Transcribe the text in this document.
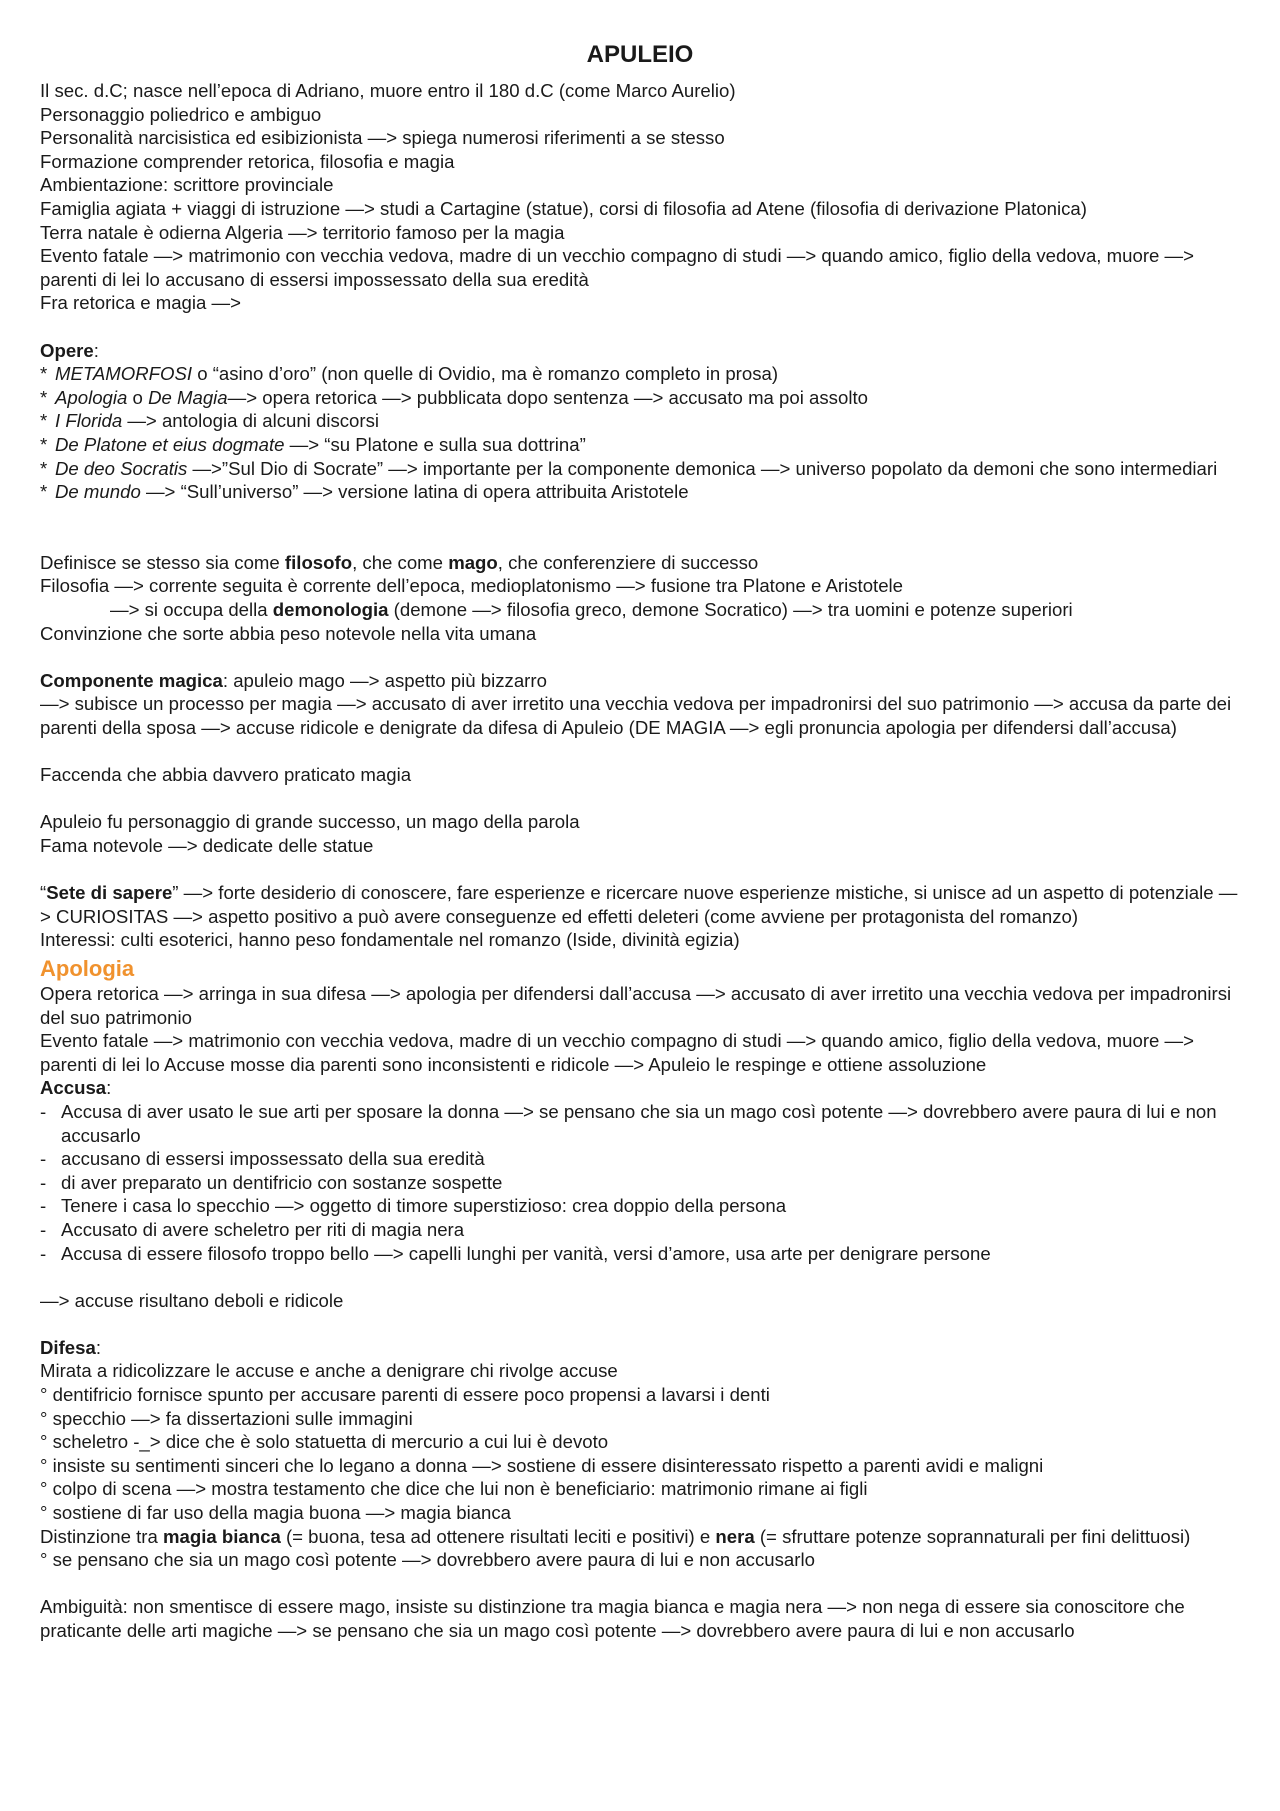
APULEIO
Il sec. d.C; nasce nell’epoca di Adriano, muore entro il 180 d.C (come Marco Aurelio)
Personaggio poliedrico e ambiguo
Personalità narcisistica ed esibizionista —> spiega numerosi riferimenti a se stesso
Formazione comprender retorica, filosofia e magia
Ambientazione: scrittore provinciale
Famiglia agiata + viaggi di istruzione —> studi a Cartagine (statue), corsi di filosofia ad Atene (filosofia di derivazione Platonica)
Terra natale è odierna Algeria —> territorio famoso per la magia
Evento fatale —> matrimonio con vecchia vedova, madre di un vecchio compagno di studi —> quando amico, figlio della vedova, muore —> parenti di lei lo accusano di essersi impossessato della sua eredità
Fra retorica e magia —>
Opere:
* METAMORFOSI o “asino d’oro” (non quelle di Ovidio, ma è romanzo completo in prosa)
* Apologia o De Magia—> opera retorica —> pubblicata dopo sentenza —> accusato ma poi assolto
* I Florida —> antologia di alcuni discorsi
* De Platone et eius dogmate —> “su Platone e sulla sua dottrina”
* De deo Socratis —>”Sul Dio di Socrate” —> importante per la componente demonica —> universo popolato da demoni che sono intermediari
* De mundo —> “Sull’universo” —> versione latina di opera attribuita Aristotele
Definisce se stesso sia come filosofo, che come mago, che conferenziere di successo
Filosofia —> corrente seguita è corrente dell’epoca, medioplatonismo —> fusione tra Platone e Aristotele
—> si occupa della demonologia (demone —> filosofia greco, demone Socratico) —> tra uomini e potenze superiori
Convinzione che sorte abbia peso notevole nella vita umana
Componente magica: apuleio mago —> aspetto più bizzarro
—> subisce un processo per magia —> accusato di aver irretito una vecchia vedova per impadronirsi del suo patrimonio —> accusa da parte dei parenti della sposa —> accuse ridicole e denigrate da difesa di Apuleio (DE MAGIA —> egli pronuncia apologia per difendersi dall’accusa)
Faccenda che abbia davvero praticato magia
Apuleio fu personaggio di grande successo, un mago della parola
Fama notevole —> dedicate delle statue
“Sete di sapere” —> forte desiderio di conoscere, fare esperienze e ricercare nuove esperienze mistiche, si unisce ad un aspetto di potenziale —> CURIOSITAS —> aspetto positivo a può avere conseguenze ed effetti deleteri (come avviene per protagonista del romanzo)
Interessi: culti esoterici, hanno peso fondamentale nel romanzo (Iside, divinità egizia)
Apologia
Opera retorica —> arringa in sua difesa —> apologia per difendersi dall’accusa —> accusato di aver irretito una vecchia vedova per impadronirsi del suo patrimonio
Evento fatale —> matrimonio con vecchia vedova, madre di un vecchio compagno di studi —> quando amico, figlio della vedova, muore —> parenti di lei lo Accuse mosse dia parenti sono inconsistenti e ridicole —> Apuleio le respinge e ottiene assoluzione
Accusa:
- Accusa di aver usato le sue arti per sposare la donna —> se pensano che sia un mago così potente —> dovrebbero avere paura di lui e non accusarlo
- accusano di essersi impossessato della sua eredità
- di aver preparato un dentifricio con sostanze sospette
- Tenere i casa lo specchio —> oggetto di timore superstizioso: crea doppio della persona
- Accusato di avere scheletro per riti di magia nera
- Accusa di essere filosofo troppo bello —> capelli lunghi per vanità, versi d’amore, usa arte per denigrare persone
—> accuse risultano deboli e ridicole
Difesa:
Mirata a ridicolizzare le accuse e anche a denigrare chi rivolge accuse
° dentifricio fornisce spunto per accusare parenti di essere poco propensi a lavarsi i denti
° specchio —> fa dissertazioni sulle immagini
° scheletro -_> dice che è solo statuetta di mercurio a cui lui è devoto
° insiste su sentimenti sinceri che lo legano a donna —> sostiene di essere disinteressato rispetto a parenti avidi e maligni
° colpo di scena —> mostra testamento che dice che lui non è beneficiario: matrimonio rimane ai figli
° sostiene di far uso della magia buona —> magia bianca
Distinzione tra magia bianca (= buona, tesa ad ottenere risultati leciti e positivi) e nera (= sfruttare potenze soprannaturali per fini delittuosi)
° se pensano che sia un mago così potente —> dovrebbero avere paura di lui e non accusarlo
Ambiguità: non smentisce di essere mago, insiste su distinzione tra magia bianca e magia nera —> non nega di essere sia conoscitore che praticante delle arti magiche —> se pensano che sia un mago così potente —> dovrebbero avere paura di lui e non accusarlo
